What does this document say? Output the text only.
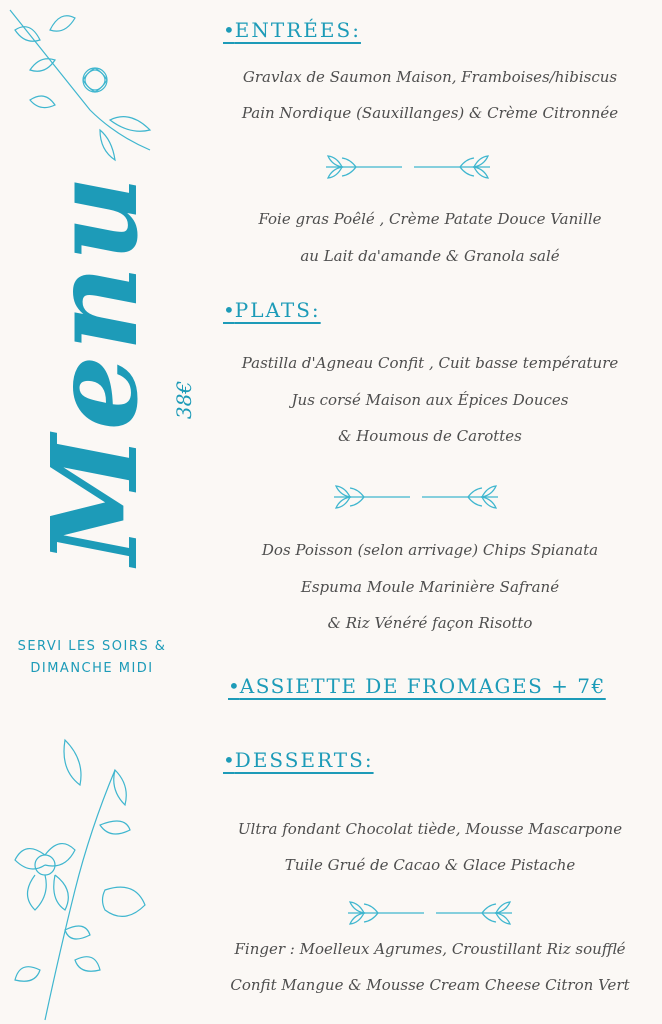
Menu 38€
SERVI LES SOIRS &
DIMANCHE MIDI
•ENTRÉES:
Gravlax de Saumon Maison, Framboises/hibiscus
Pain Nordique (Sauxillanges) & Crème Citronnée
Foie gras Poêlé , Crème Patate Douce Vanille
au Lait da'amande & Granola salé
•PLATS:
Pastilla d'Agneau Confit , Cuit basse température
Jus corsé Maison aux Épices Douces
& Houmous de Carottes
Dos Poisson (selon arrivage) Chips Spianata
Espuma Moule Marinière Safrané
& Riz Vénéré façon Risotto
•ASSIETTE DE FROMAGES + 7€
•DESSERTS:
Ultra fondant Chocolat tiède, Mousse Mascarpone
Tuile Grué de Cacao & Glace Pistache
Finger : Moelleux Agrumes, Croustillant Riz soufflé
Confit Mangue & Mousse Cream Cheese Citron Vert
